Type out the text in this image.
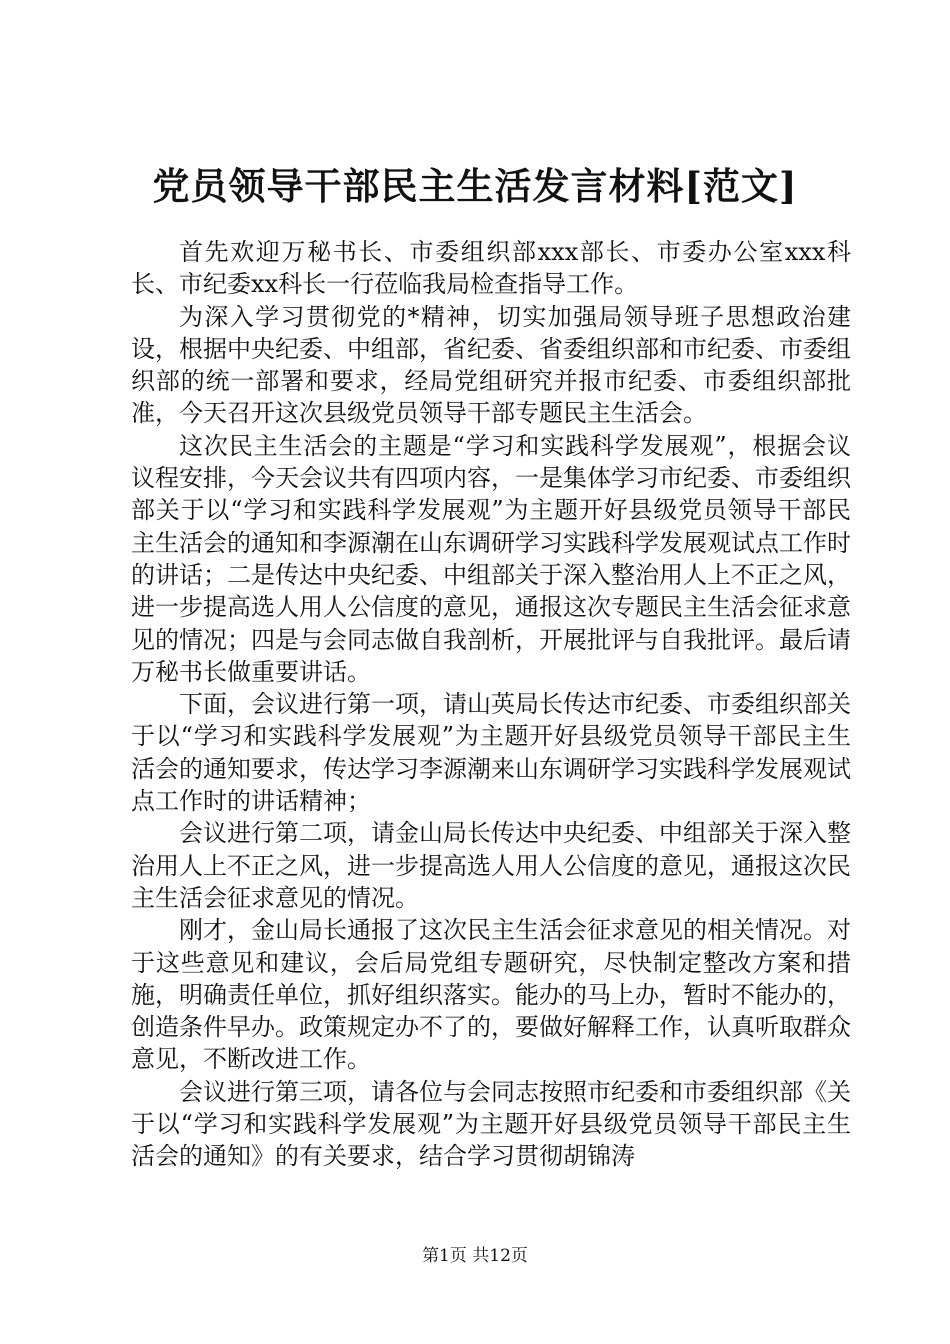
党员领导干部民主生活发言材料[范文]

首先欢迎万秘书长、市委组织部xxx部长、市委办公室xxx科长、市纪委xx科长一行莅临我局检查指导工作。

为深入学习贯彻党的*精神，切实加强局领导班子思想政治建设，根据中央纪委、中组部，省纪委、省委组织部和市纪委、市委组织部的统一部署和要求，经局党组研究并报市纪委、市委组织部批准，今天召开这次县级党员领导干部专题民主生活会。

这次民主生活会的主题是“学习和实践科学发展观”，根据会议议程安排，今天会议共有四项内容，一是集体学习市纪委、市委组织部关于以“学习和实践科学发展观”为主题开好县级党员领导干部民主生活会的通知和李源潮在山东调研学习实践科学发展观试点工作时的讲话；二是传达中央纪委、中组部关于深入整治用人上不正之风，进一步提高选人用人公信度的意见，通报这次专题民主生活会征求意见的情况；四是与会同志做自我剖析，开展批评与自我批评。最后请万秘书长做重要讲话。

下面，会议进行第一项，请山英局长传达市纪委、市委组织部关于以“学习和实践科学发展观”为主题开好县级党员领导干部民主生活会的通知要求，传达学习李源潮来山东调研学习实践科学发展观试点工作时的讲话精神；

会议进行第二项，请金山局长传达中央纪委、中组部关于深入整治用人上不正之风，进一步提高选人用人公信度的意见，通报这次民主生活会征求意见的情况。

刚才，金山局长通报了这次民主生活会征求意见的相关情况。对于这些意见和建议，会后局党组专题研究，尽快制定整改方案和措施，明确责任单位，抓好组织落实。能办的马上办，暂时不能办的，创造条件早办。政策规定办不了的，要做好解释工作，认真听取群众意见，不断改进工作。

会议进行第三项，请各位与会同志按照市纪委和市委组织部《关于以“学习和实践科学发展观”为主题开好县级党员领导干部民主生活会的通知》的有关要求，结合学习贯彻胡锦涛

第1页 共12页
